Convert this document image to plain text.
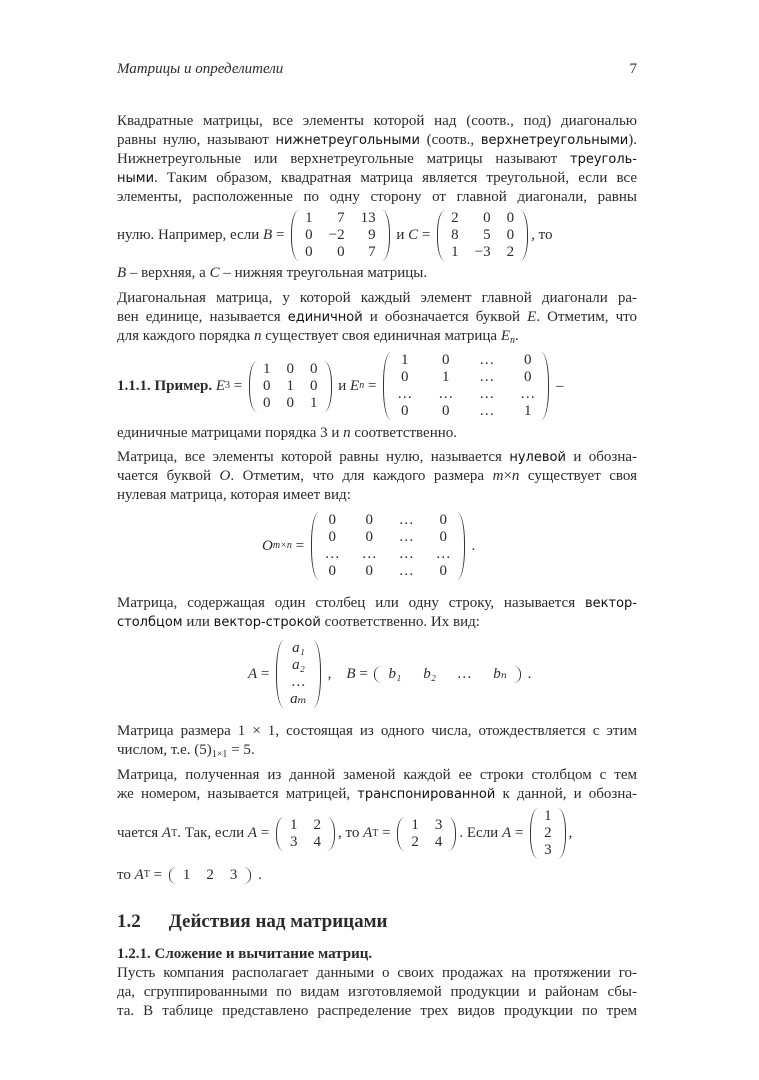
Матрицы и определители	7
Квадратные матрицы, все элементы которой над (соотв., под) диагональю
равны нулю, называют нижнетреугольными (соотв., верхнетреугольными).
Нижнетреугольные или верхнетреугольные матрицы называют треуголь-
ными. Таким образом, квадратная матрица является треугольной, если все
элементы, расположенные по одну сторону от главной диагонали, равны
нулю. Например, если B =
1	7 13
0 −2	9
0	0	7
и C =
2	0 0
8	5 0
1 −3 2
, то
B – верхняя, а C – нижняя треугольная матрицы.
Диагональная матрица, у которой каждый элемент главной диагонали ра-
вен единице, называется единичной и обозначается буквой E. Отметим, что
для каждого порядка n существует своя единичная матрица $E_n$.
1.1.1. Пример.
E 3 =
1 0 0
0 1 0
0 0 1
и E n =
1 0 … 0
0 1 … 0
… … … …
0 0 … 1
–
единичные матрицами порядка 3 и n соответственно.
Матрица, все элементы которой равны нулю, называется нулевой и обозна-
чается буквой O. Отметим, что для каждого размера m×n существует своя
нулевая матрица, которая имеет вид:
O m×n =
0 0 … 0
0 0 … 0
… … … …
0 0 … 0
.
Матрица, содержащая один столбец или одну строку, называется вектор-
столбцом или вектор-строкой соответственно. Их вид:
A =
a₁
a₂
…
aₘ
,
B = b₁ b₂ … bₙ .
Матрица размера 1 × 1, состоящая из одного числа, отождествляется с этим
числом, т.е. $(5)_{1\times 1} = 5$.
Матрица, полученная из данной заменой каждой ее строки столбцом с тем
же номером, называется матрицей, транспонированной к данной, и обозна-
чается A T . Так, если A =
1 2
3 4
, то A T =
1 3
2 4
. Если A =
1
2
3
,
то A T = 1 2 3 .
1.2 Действия над матрицами
1.2.1. Сложение и вычитание матриц.
Пусть компания располагает данными о своих продажах на протяжении го-
да, сгруппированными по видам изготовляемой продукции и районам сбы-
та. В таблице представлено распределение трех видов продукции по трем
